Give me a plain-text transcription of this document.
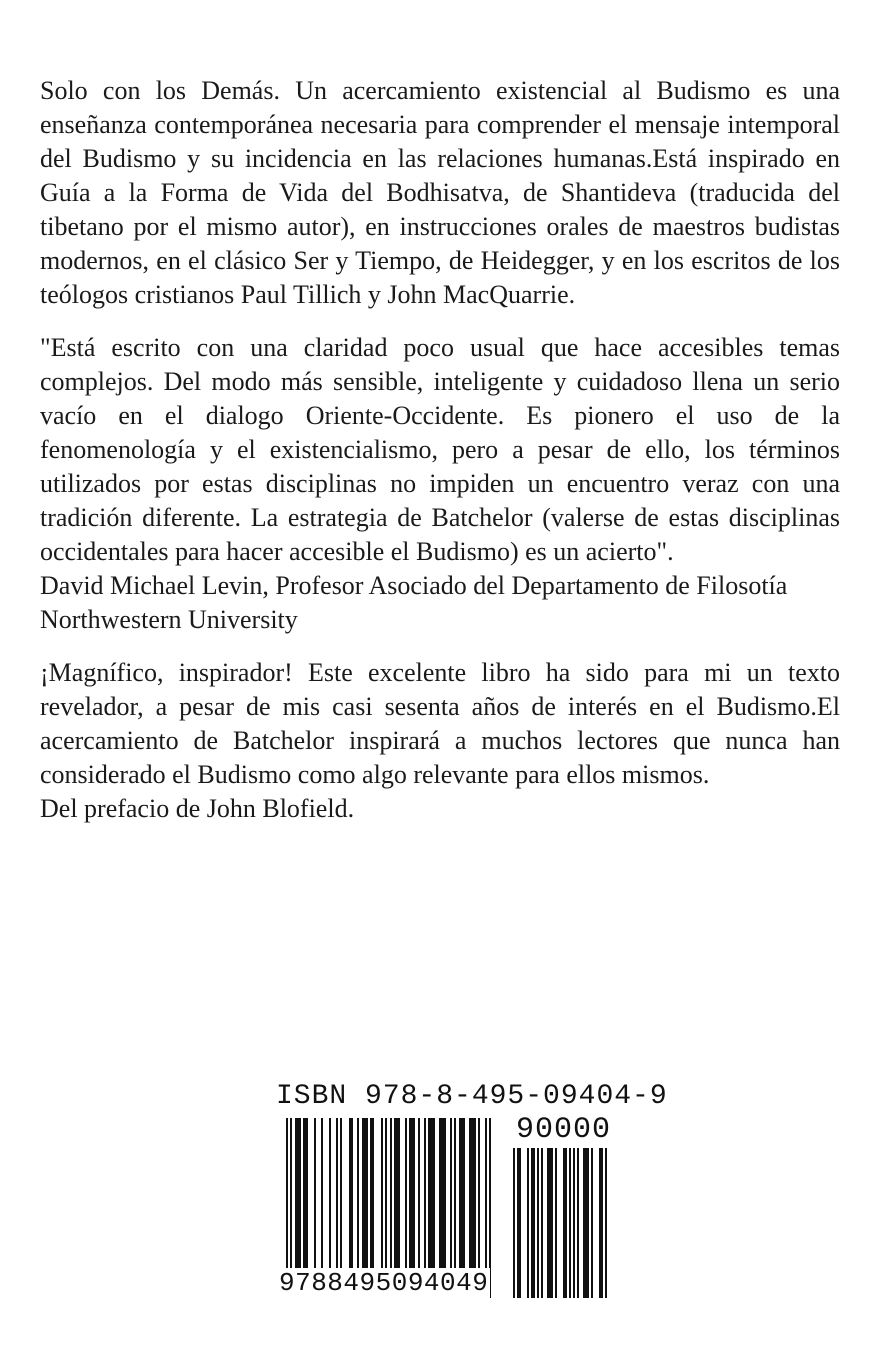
Solo con los Demás. Un acercamiento existencial al Budismo es una enseñanza contemporánea necesaria para comprender el mensaje intemporal del Budismo y su incidencia en las relaciones humanas.Está inspirado en Guía a la Forma de Vida del Bodhisatva, de Shantideva (traducida del tibetano por el mismo autor), en instrucciones orales de maestros budistas modernos, en el clásico Ser y Tiempo, de Heidegger, y en los escritos de los teólogos cristianos Paul Tillich y John MacQuarrie.

"Está escrito con una claridad poco usual que hace accesibles temas complejos. Del modo más sensible, inteligente y cuidadoso llena un serio vacío en el dialogo Oriente-Occidente. Es pionero el uso de la fenomenología y el existencialismo, pero a pesar de ello, los términos utilizados por estas disciplinas no impiden un encuentro veraz con una tradición diferente. La estrategia de Batchelor (valerse de estas disciplinas occidentales para hacer accesible el Budismo) es un acierto".

David Michael Levin, Profesor Asociado del Departamento de Filosotía

Northwestern University

¡Magnífico, inspirador! Este excelente libro ha sido para mi un texto revelador, a pesar de mis casi sesenta años de interés en el Budismo.El acercamiento de Batchelor inspirará a muchos lectores que nunca han considerado el Budismo como algo relevante para ellos mismos.

Del prefacio de John Blofield.

ISBN 978-8-495-09404-9
90000
9788495094049
